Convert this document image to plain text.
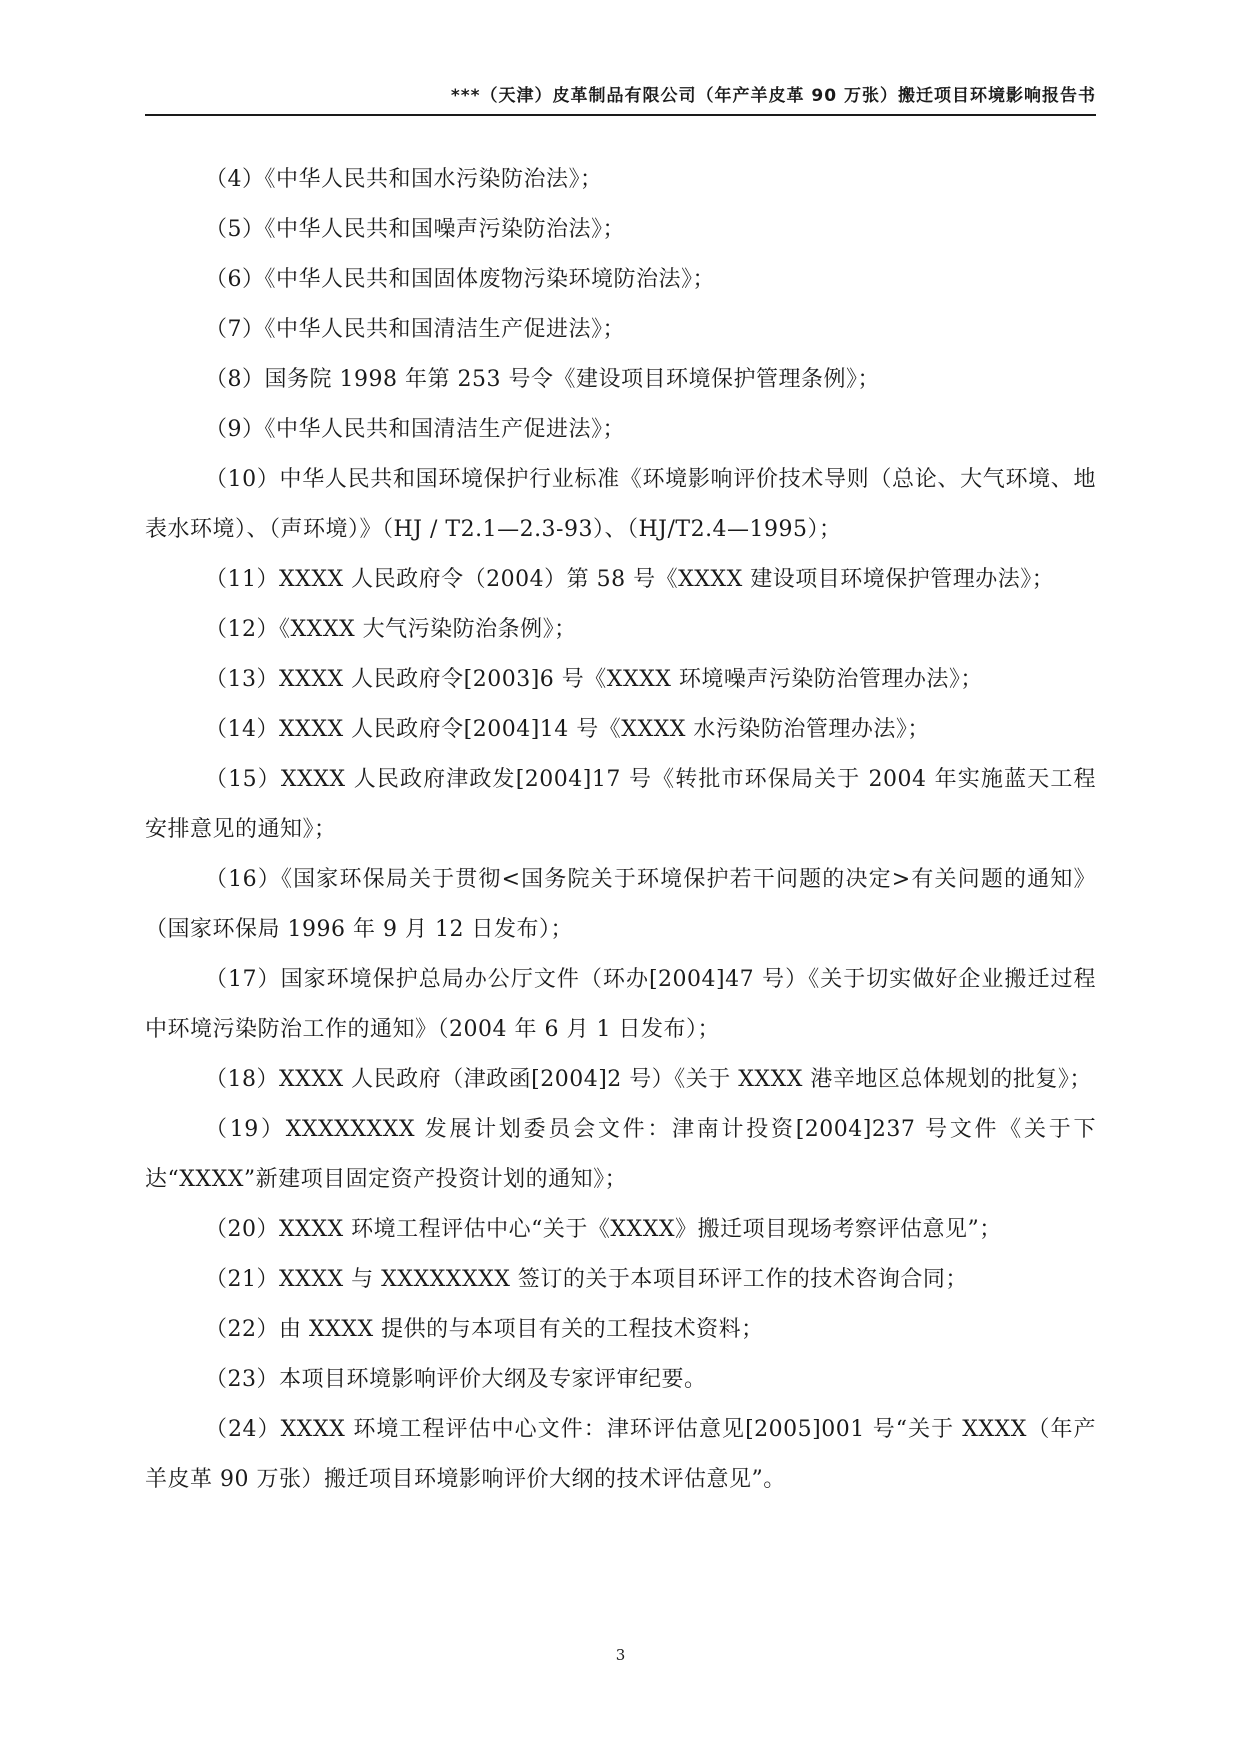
***（天津）皮革制品有限公司（年产羊皮革 90 万张）搬迁项目环境影响报告书

（4）《中华人民共和国水污染防治法》；

（5）《中华人民共和国噪声污染防治法》；

（6）《中华人民共和国固体废物污染环境防治法》；

（7）《中华人民共和国清洁生产促进法》；

（8）国务院 1998 年第 253 号令《建设项目环境保护管理条例》；

（9）《中华人民共和国清洁生产促进法》；

（10）中华人民共和国环境保护行业标准《环境影响评价技术导则（总论、大气环境、地表水环境）、（声环境）》（HJ / T2.1—2.3-93）、（HJ/T2.4—1995）；

（11）XXXX 人民政府令（2004）第 58 号《XXXX 建设项目环境保护管理办法》；

（12）《XXXX 大气污染防治条例》；

（13）XXXX 人民政府令[2003]6 号《XXXX 环境噪声污染防治管理办法》；

（14）XXXX 人民政府令[2004]14 号《XXXX 水污染防治管理办法》；

（15）XXXX 人民政府津政发[2004]17 号《转批市环保局关于 2004 年实施蓝天工程安排意见的通知》；

（16）《国家环保局关于贯彻<国务院关于环境保护若干问题的决定>有关问题的通知》（国家环保局 1996 年 9 月 12 日发布）；

（17）国家环境保护总局办公厅文件（环办[2004]47 号）《关于切实做好企业搬迁过程中环境污染防治工作的通知》（2004 年 6 月 1 日发布）；

（18）XXXX 人民政府（津政函[2004]2 号）《关于 XXXX 港辛地区总体规划的批复》；

（19）XXXXXXXX 发展计划委员会文件：津南计投资[2004]237 号文件《关于下达“XXXX”新建项目固定资产投资计划的通知》；

（20）XXXX 环境工程评估中心“关于《XXXX》搬迁项目现场考察评估意见”；

（21）XXXX 与 XXXXXXXX 签订的关于本项目环评工作的技术咨询合同；

（22）由 XXXX 提供的与本项目有关的工程技术资料；

（23）本项目环境影响评价大纲及专家评审纪要。

（24）XXXX 环境工程评估中心文件：津环评估意见[2005]001 号“关于 XXXX（年产羊皮革 90 万张）搬迁项目环境影响评价大纲的技术评估意见”。

3
